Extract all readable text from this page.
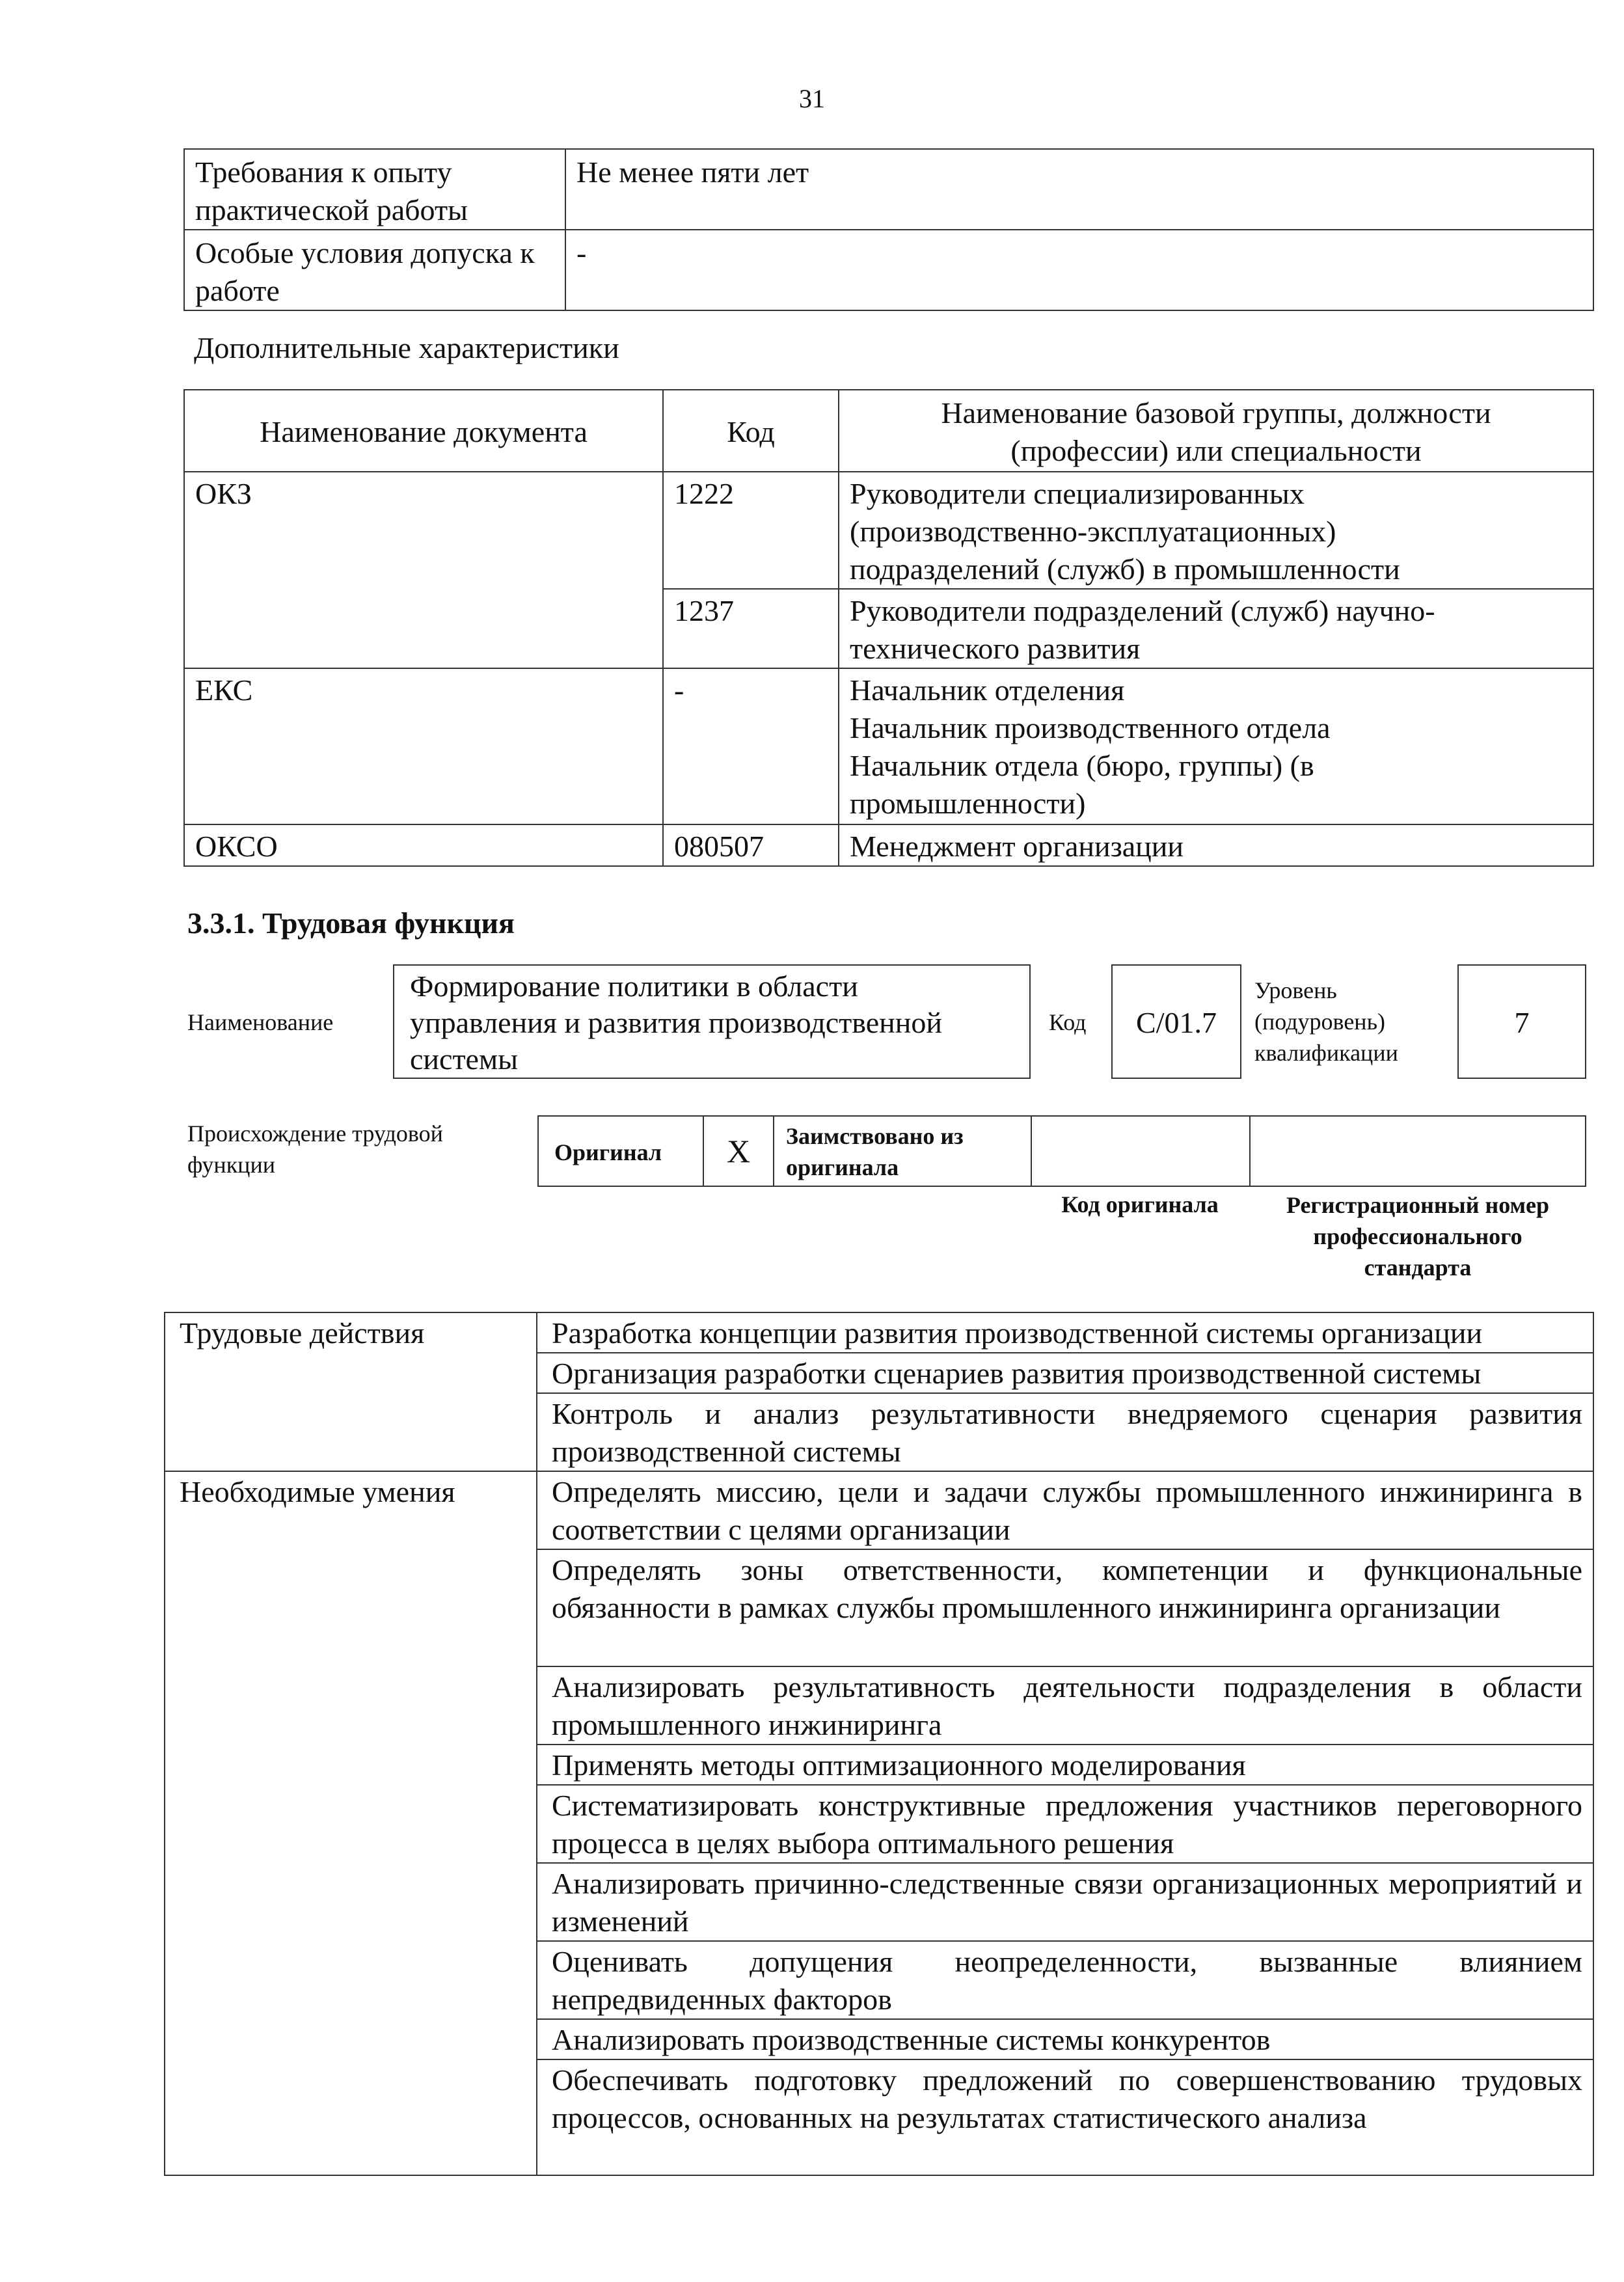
31
Требования к опыту практической работы	Не менее пяти лет
Особые условия допуска к работе	-
Дополнительные характеристики
Наименование документа	Код	Наименование базовой группы, должности
(профессии) или специальности
ОКЗ	1222	Руководители специализированных
(производственно-эксплуатационных)
подразделений (служб) в промышленности
	1237	Руководители подразделений (служб) научно-
технического развития
ЕКС	-	Начальник отделения
Начальник производственного отдела
Начальник отдела (бюро, группы) (в
промышленности)
ОКСО	080507	Менеджмент организации
3.3.1. Трудовая функция
Наименование
Формирование политики в области
управления и развития производственной
системы
Код	C/01.7
Уровень
(подуровень)
квалификации
7
Происхождение трудовой
функции	Оригинал	X	Заимствовано из
оригинала
Код оригинала	Регистрационный номер
профессионального
стандарта
Трудовые действия	Разработка концепции развития производственной системы организации
	Организация разработки сценариев развития производственной системы
	Контроль и анализ результативности внедряемого сценария развития производственной системы
Необходимые умения	Определять миссию, цели и задачи службы промышленного инжиниринга в соответствии с целями организации
	Определять зоны ответственности, компетенции и функциональные обязанности в рамках службы промышленного инжиниринга организации
	Анализировать результативность деятельности подразделения в области промышленного инжиниринга
	Применять методы оптимизационного моделирования
	Систематизировать конструктивные предложения участников переговорного процесса в целях выбора оптимального решения
	Анализировать причинно-следственные связи организационных мероприятий и изменений
	Оценивать допущения неопределенности, вызванные влиянием непредвиденных факторов
	Анализировать производственные системы конкурентов
	Обеспечивать подготовку предложений по совершенствованию трудовых процессов, основанных на результатах статистического анализа
